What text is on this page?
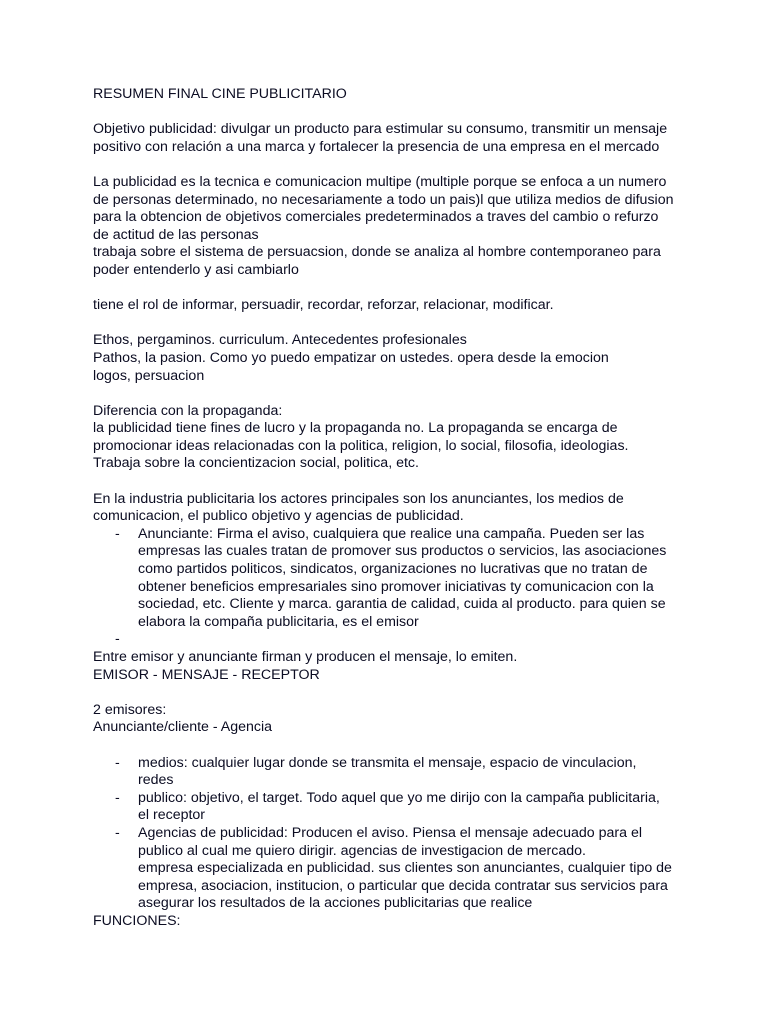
RESUMEN FINAL CINE PUBLICITARIO
Objetivo publicidad: divulgar un producto para estimular su consumo, transmitir un mensaje
positivo con relación a una marca y fortalecer la presencia de una empresa en el mercado
La publicidad es la tecnica e comunicacion multipe (multiple porque se enfoca a un numero
de personas determinado, no necesariamente a todo un pais)l que utiliza medios de difusion
para la obtencion de objetivos comerciales predeterminados a traves del cambio o refurzo
de actitud de las personas
trabaja sobre el sistema de persuacsion, donde se analiza al hombre contemporaneo para
poder entenderlo y asi cambiarlo
tiene el rol de informar, persuadir, recordar, reforzar, relacionar, modificar.
Ethos, pergaminos. curriculum. Antecedentes profesionales
Pathos, la pasion. Como yo puedo empatizar on ustedes. opera desde la emocion
logos, persuacion
Diferencia con la propaganda:
la publicidad tiene fines de lucro y la propaganda no. La propaganda se encarga de
promocionar ideas relacionadas con la politica, religion, lo social, filosofia, ideologias.
Trabaja sobre la concientizacion social, politica, etc.
En la industria publicitaria los actores principales son los anunciantes, los medios de
comunicacion, el publico objetivo y agencias de publicidad.
-	Anunciante: Firma el aviso, cualquiera que realice una campaña. Pueden ser las
empresas las cuales tratan de promover sus productos o servicios, las asociaciones
como partidos politicos, sindicatos, organizaciones no lucrativas que no tratan de
obtener beneficios empresariales sino promover iniciativas ty comunicacion con la
sociedad, etc. Cliente y marca. garantia de calidad, cuida al producto. para quien se
elabora la compaña publicitaria, es el emisor
-
Entre emisor y anunciante firman y producen el mensaje, lo emiten.
EMISOR - MENSAJE - RECEPTOR
2 emisores:
Anunciante/cliente - Agencia
-	medios: cualquier lugar donde se transmita el mensaje, espacio de vinculacion,
redes
-	publico: objetivo, el target. Todo aquel que yo me dirijo con la campaña publicitaria,
el receptor
-	Agencias de publicidad: Producen el aviso. Piensa el mensaje adecuado para el
publico al cual me quiero dirigir. agencias de investigacion de mercado.
empresa especializada en publicidad. sus clientes son anunciantes, cualquier tipo de
empresa, asociacion, institucion, o particular que decida contratar sus servicios para
asegurar los resultados de la acciones publicitarias que realice
FUNCIONES:
